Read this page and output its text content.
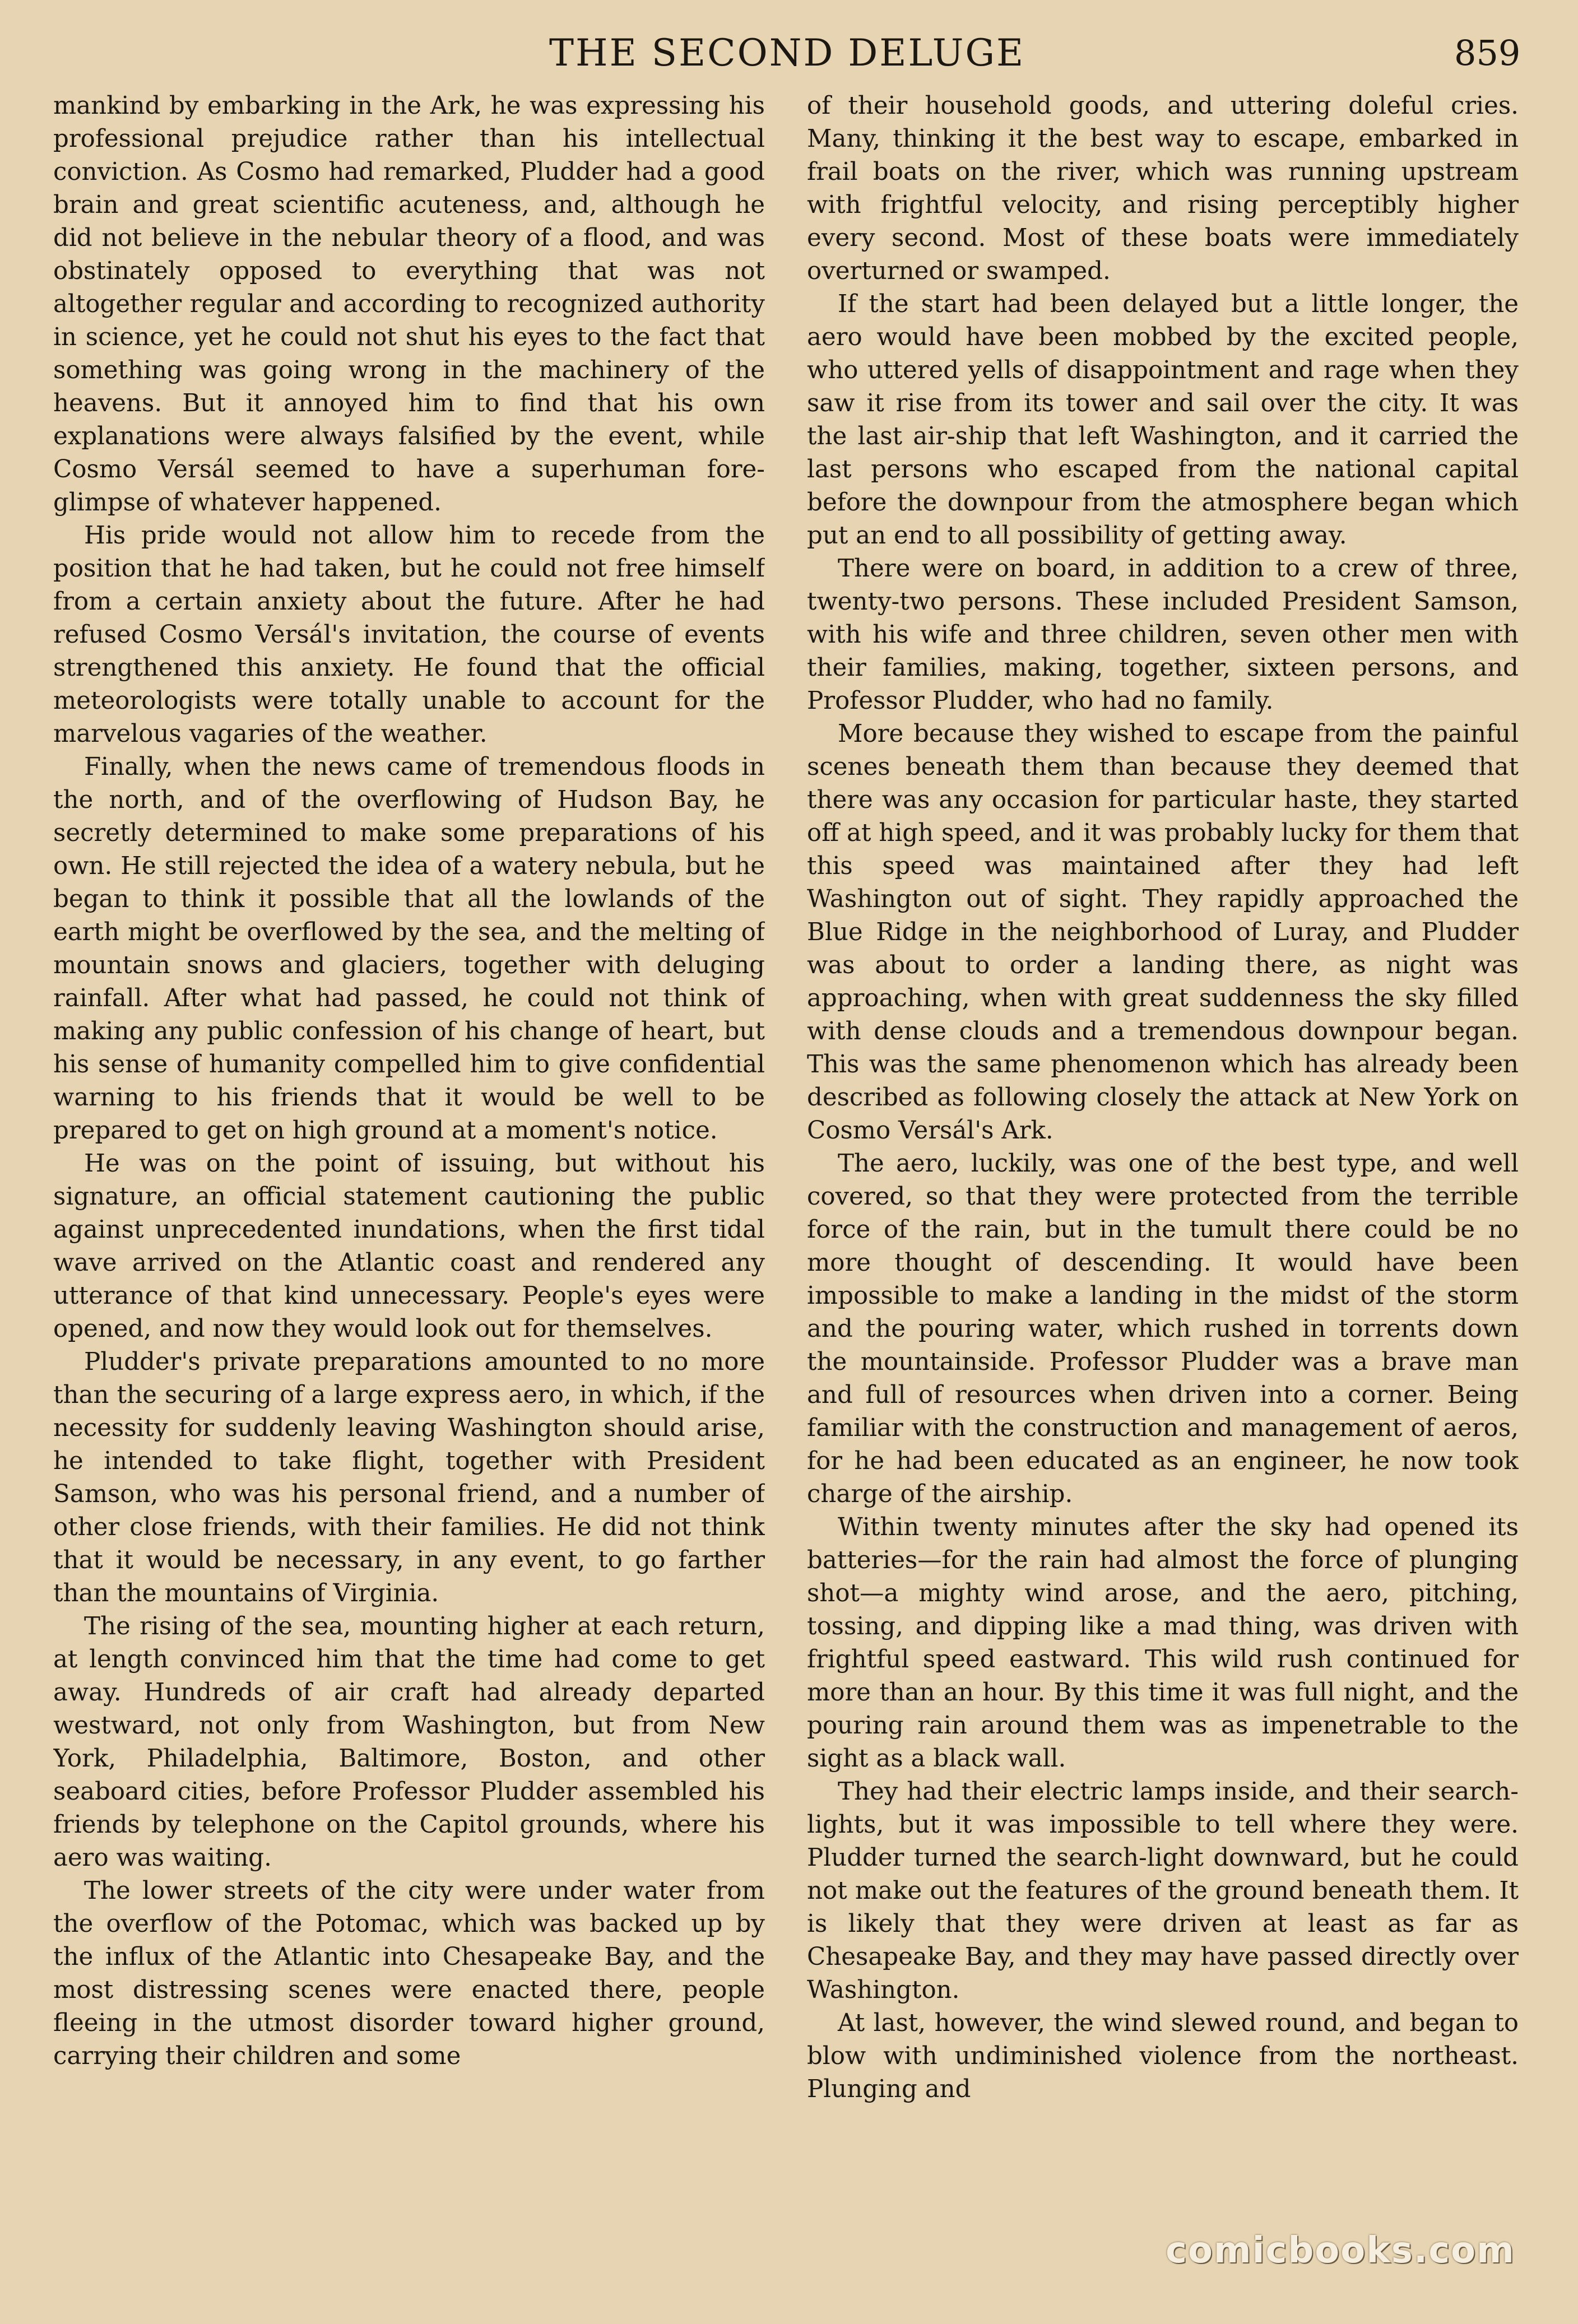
THE SECOND DELUGE	859

mankind by embarking in the Ark, he was expressing his professional prejudice rather than his intellectual conviction. As Cosmo had remarked, Pludder had a good brain and great scientific acuteness, and, although he did not believe in the nebular theory of a flood, and was obstinately opposed to everything that was not altogether regular and according to recognized authority in science, yet he could not shut his eyes to the fact that something was going wrong in the machinery of the heavens. But it annoyed him to find that his own explanations were always falsified by the event, while Cosmo Versál seemed to have a superhuman fore-glimpse of whatever happened.

His pride would not allow him to recede from the position that he had taken, but he could not free himself from a certain anxiety about the future. After he had refused Cosmo Versál's invitation, the course of events strengthened this anxiety. He found that the official meteorologists were totally unable to account for the marvelous vagaries of the weather.

Finally, when the news came of tremendous floods in the north, and of the overflowing of Hudson Bay, he secretly determined to make some preparations of his own. He still rejected the idea of a watery nebula, but he began to think it possible that all the lowlands of the earth might be overflowed by the sea, and the melting of mountain snows and glaciers, together with deluging rainfall. After what had passed, he could not think of making any public confession of his change of heart, but his sense of humanity compelled him to give confidential warning to his friends that it would be well to be prepared to get on high ground at a moment's notice.

He was on the point of issuing, but without his signature, an official statement cautioning the public against unprecedented inundations, when the first tidal wave arrived on the Atlantic coast and rendered any utterance of that kind unnecessary. People's eyes were opened, and now they would look out for themselves.

Pludder's private preparations amounted to no more than the securing of a large express aero, in which, if the necessity for suddenly leaving Washington should arise, he intended to take flight, together with President Samson, who was his personal friend, and a number of other close friends, with their families. He did not think that it would be necessary, in any event, to go farther than the mountains of Virginia.

The rising of the sea, mounting higher at each return, at length convinced him that the time had come to get away. Hundreds of air craft had already departed westward, not only from Washington, but from New York, Philadelphia, Baltimore, Boston, and other seaboard cities, before Professor Pludder assembled his friends by telephone on the Capitol grounds, where his aero was waiting.

The lower streets of the city were under water from the overflow of the Potomac, which was backed up by the influx of the Atlantic into Chesapeake Bay, and the most distressing scenes were enacted there, people fleeing in the utmost disorder toward higher ground, carrying their children and some

of their household goods, and uttering doleful cries. Many, thinking it the best way to escape, embarked in frail boats on the river, which was running upstream with frightful velocity, and rising perceptibly higher every second. Most of these boats were immediately overturned or swamped.

If the start had been delayed but a little longer, the aero would have been mobbed by the excited people, who uttered yells of disappointment and rage when they saw it rise from its tower and sail over the city. It was the last air-ship that left Washington, and it carried the last persons who escaped from the national capital before the downpour from the atmosphere began which put an end to all possibility of getting away.

There were on board, in addition to a crew of three, twenty-two persons. These included President Samson, with his wife and three children, seven other men with their families, making, together, sixteen persons, and Professor Pludder, who had no family.

More because they wished to escape from the painful scenes beneath them than because they deemed that there was any occasion for particular haste, they started off at high speed, and it was probably lucky for them that this speed was maintained after they had left Washington out of sight. They rapidly approached the Blue Ridge in the neighborhood of Luray, and Pludder was about to order a landing there, as night was approaching, when with great suddenness the sky filled with dense clouds and a tremendous downpour began. This was the same phenomenon which has already been described as following closely the attack at New York on Cosmo Versál's Ark.

The aero, luckily, was one of the best type, and well covered, so that they were protected from the terrible force of the rain, but in the tumult there could be no more thought of descending. It would have been impossible to make a landing in the midst of the storm and the pouring water, which rushed in torrents down the mountainside. Professor Pludder was a brave man and full of resources when driven into a corner. Being familiar with the construction and management of aeros, for he had been educated as an engineer, he now took charge of the airship.

Within twenty minutes after the sky had opened its batteries—for the rain had almost the force of plunging shot—a mighty wind arose, and the aero, pitching, tossing, and dipping like a mad thing, was driven with frightful speed eastward. This wild rush continued for more than an hour. By this time it was full night, and the pouring rain around them was as impenetrable to the sight as a black wall.

They had their electric lamps inside, and their search-lights, but it was impossible to tell where they were. Pludder turned the search-light downward, but he could not make out the features of the ground beneath them. It is likely that they were driven at least as far as Chesapeake Bay, and they may have passed directly over Washington.

At last, however, the wind slewed round, and began to blow with undiminished violence from the northeast. Plunging and

comicbooks.com
